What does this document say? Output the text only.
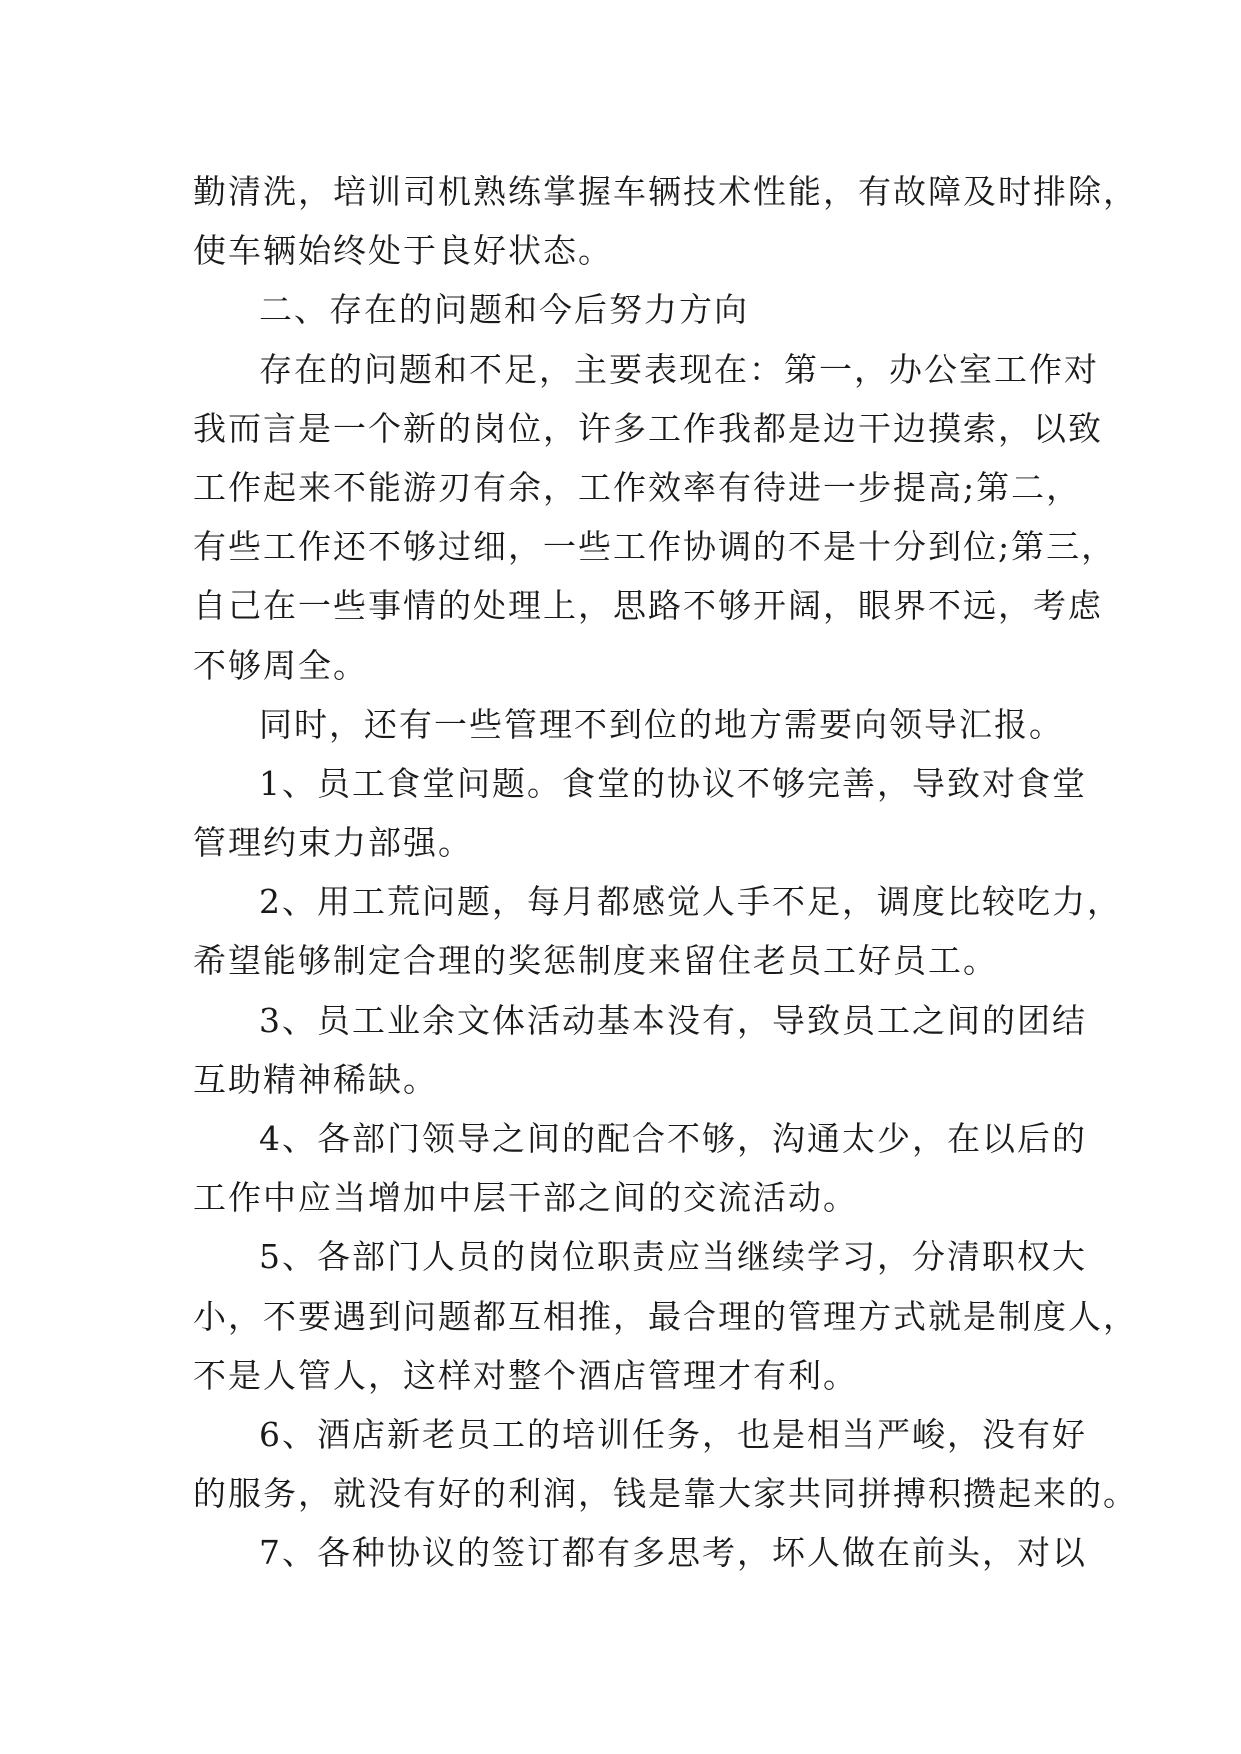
勤清洗，培训司机熟练掌握车辆技术性能，有故障及时排除，
使车辆始终处于良好状态。
二、存在的问题和今后努力方向
存在的问题和不足，主要表现在：第一，办公室工作对
我而言是一个新的岗位，许多工作我都是边干边摸索，以致
工作起来不能游刃有余，工作效率有待进一步提高;第二，
有些工作还不够过细，一些工作协调的不是十分到位;第三，
自己在一些事情的处理上，思路不够开阔，眼界不远，考虑
不够周全。
同时，还有一些管理不到位的地方需要向领导汇报。
1、员工食堂问题。食堂的协议不够完善，导致对食堂
管理约束力部强。
2、用工荒问题，每月都感觉人手不足，调度比较吃力，
希望能够制定合理的奖惩制度来留住老员工好员工。
3、员工业余文体活动基本没有，导致员工之间的团结
互助精神稀缺。
4、各部门领导之间的配合不够，沟通太少，在以后的
工作中应当增加中层干部之间的交流活动。
5、各部门人员的岗位职责应当继续学习，分清职权大
小，不要遇到问题都互相推，最合理的管理方式就是制度人，
不是人管人，这样对整个酒店管理才有利。
6、酒店新老员工的培训任务，也是相当严峻，没有好
的服务，就没有好的利润，钱是靠大家共同拼搏积攒起来的。
7、各种协议的签订都有多思考，坏人做在前头，对以
